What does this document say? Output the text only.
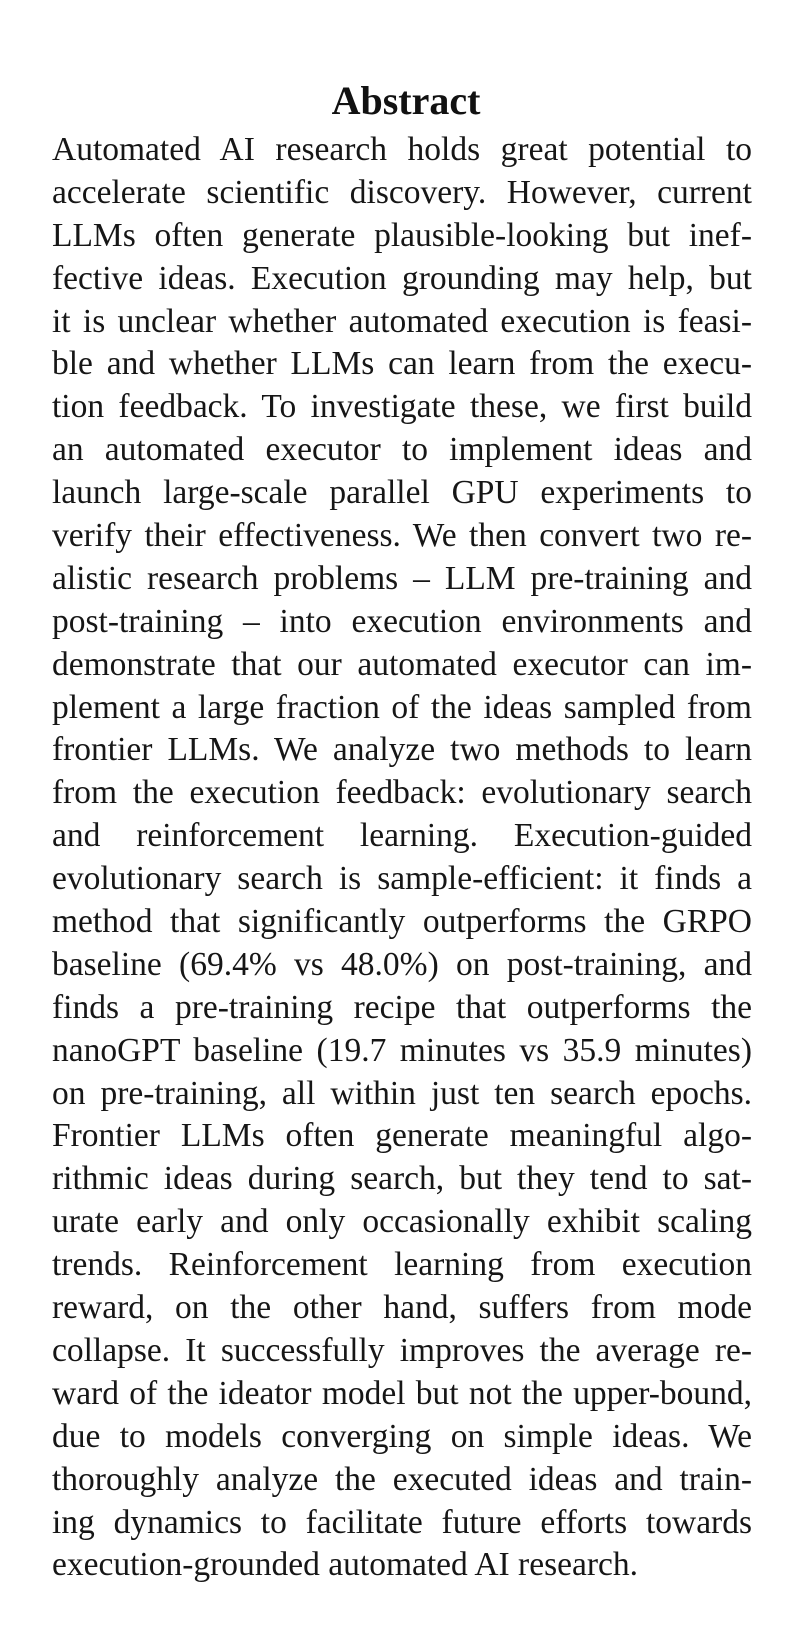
Abstract
Automated AI research holds great potential to
accelerate scientific discovery. However, current
LLMs often generate plausible-looking but inef-
fective ideas. Execution grounding may help, but
it is unclear whether automated execution is feasi-
ble and whether LLMs can learn from the execu-
tion feedback. To investigate these, we first build
an automated executor to implement ideas and
launch large-scale parallel GPU experiments to
verify their effectiveness. We then convert two re-
alistic research problems – LLM pre-training and
post-training – into execution environments and
demonstrate that our automated executor can im-
plement a large fraction of the ideas sampled from
frontier LLMs. We analyze two methods to learn
from the execution feedback: evolutionary search
and reinforcement learning. Execution-guided
evolutionary search is sample-efficient: it finds a
method that significantly outperforms the GRPO
baseline (69.4% vs 48.0%) on post-training, and
finds a pre-training recipe that outperforms the
nanoGPT baseline (19.7 minutes vs 35.9 minutes)
on pre-training, all within just ten search epochs.
Frontier LLMs often generate meaningful algo-
rithmic ideas during search, but they tend to sat-
urate early and only occasionally exhibit scaling
trends. Reinforcement learning from execution
reward, on the other hand, suffers from mode
collapse. It successfully improves the average re-
ward of the ideator model but not the upper-bound,
due to models converging on simple ideas. We
thoroughly analyze the executed ideas and train-
ing dynamics to facilitate future efforts towards
execution-grounded automated AI research.
